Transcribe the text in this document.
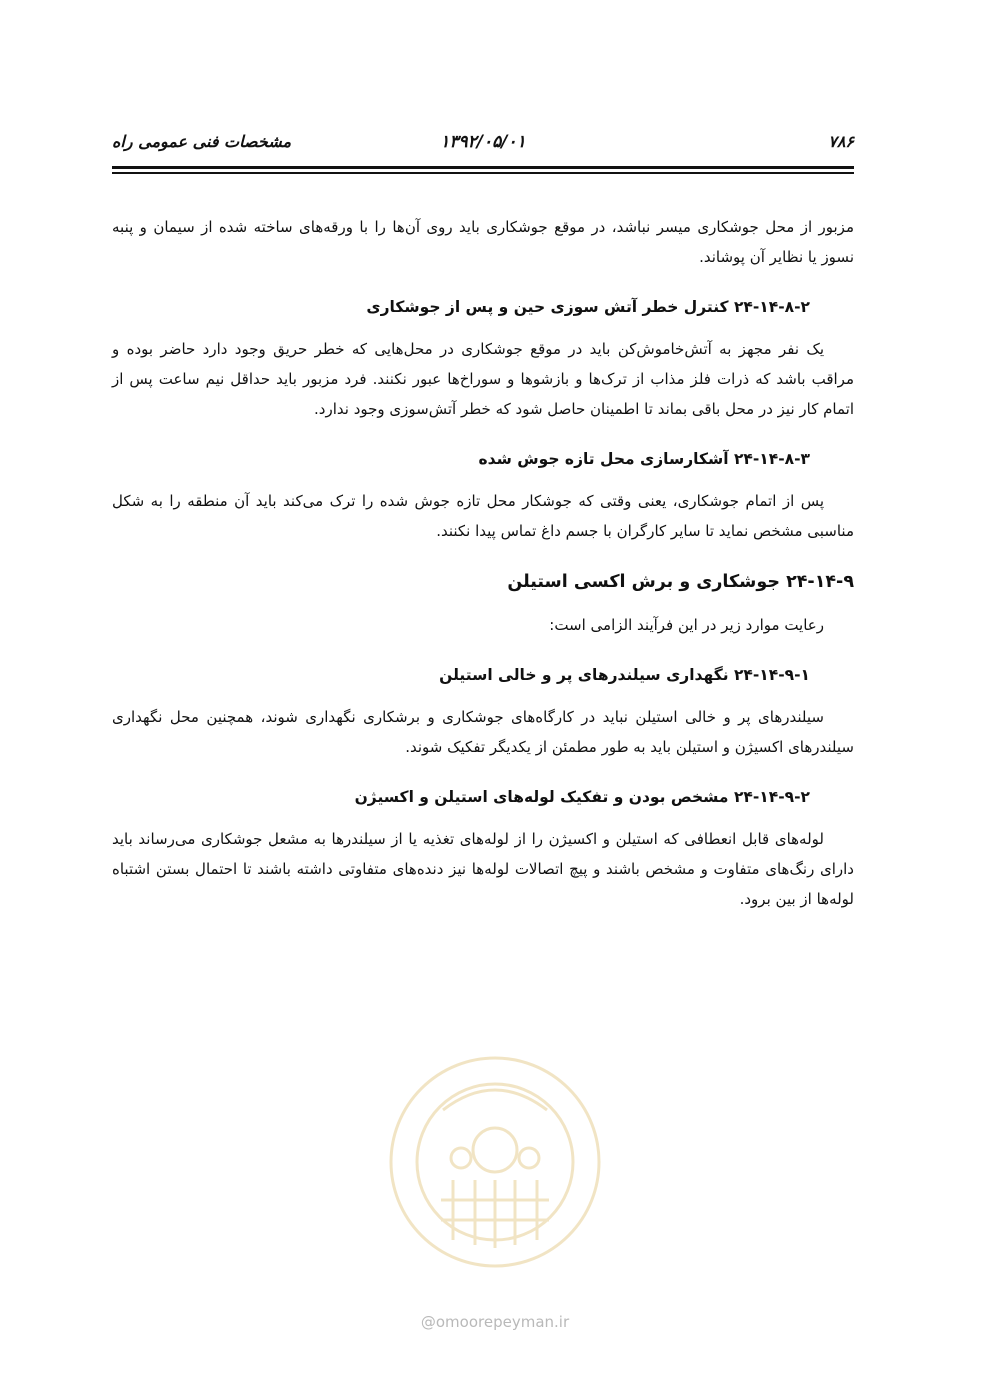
۷۸۶
۱۳۹۲/۰۵/۰۱
مشخصات فنی عمومی راه

مزبور از محل جوشکاری میسر نباشد، در موقع جوشکاری باید روی آن‌ها را با ورقه‌های ساخته شده از سیمان و پنبه نسوز یا نظایر آن پوشاند.

۲۴-۱۴-۸-۲ کنترل خطر آتش سوزی حین و پس از جوشکاری

یک نفر مجهز به آتش‌خاموش‌کن باید در موقع جوشکاری در محل‌هایی که خطر حریق وجود دارد حاضر بوده و مراقب باشد که ذرات فلز مذاب از ترک‌ها و بازشوها و سوراخ‌ها عبور نکنند. فرد مزبور باید حداقل نیم ساعت پس از اتمام کار نیز در محل باقی بماند تا اطمینان حاصل شود که خطر آتش‌سوزی وجود ندارد.

۲۴-۱۴-۸-۳ آشکارسازی محل تازه جوش شده

پس از اتمام جوشکاری، یعنی وقتی که جوشکار محل تازه جوش شده را ترک می‌کند باید آن منطقه را به شکل مناسبی مشخص نماید تا سایر کارگران با جسم داغ تماس پیدا نکنند.

۲۴-۱۴-۹ جوشکاری و برش اکسی استیلن

رعایت موارد زیر در این فرآیند الزامی است:

۲۴-۱۴-۹-۱ نگهداری سیلندرهای پر و خالی استیلن

سیلندرهای پر و خالی استیلن نباید در کارگاه‌های جوشکاری و برشکاری نگهداری شوند، همچنین محل نگهداری سیلندرهای اکسیژن و استیلن باید به طور مطمئن از یکدیگر تفکیک شوند.

۲۴-۱۴-۹-۲ مشخص بودن و تفکیک لوله‌های استیلن و اکسیژن

لوله‌های قابل انعطافی که استیلن و اکسیژن را از لوله‌های تغذیه یا از سیلندرها به مشعل جوشکاری می‌رساند باید دارای رنگ‌های متفاوت و مشخص باشند و پیچ اتصالات لوله‌ها نیز دنده‌های متفاوتی داشته باشند تا احتمال بستن اشتباه لوله‌ها از بین برود.

@omoorepeyman.ir
